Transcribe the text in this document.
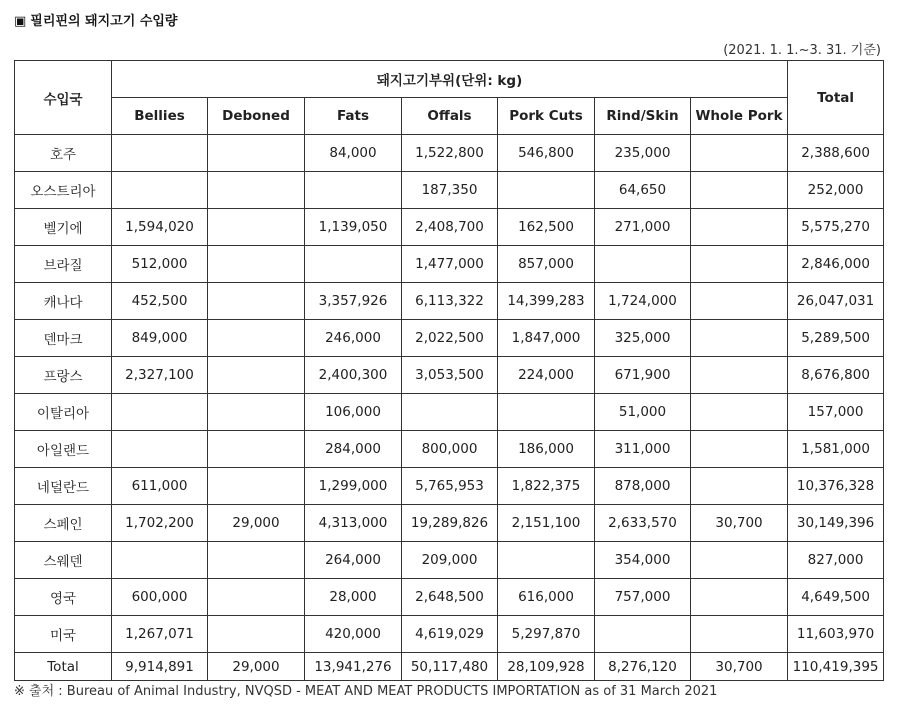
▣ 필리핀의 돼지고기 수입량
(2021. 1. 1.~3. 31. 기준)
수입국	돼지고기부위(단위: kg)							Total
	Bellies	Deboned	Fats	Offals	Pork Cuts	Rind/Skin	Whole Pork	
호주			84,000	1,522,800	546,800	235,000		2,388,600
오스트리아				187,350		64,650		252,000
벨기에	1,594,020		1,139,050	2,408,700	162,500	271,000		5,575,270
브라질	512,000			1,477,000	857,000			2,846,000
캐나다	452,500		3,357,926	6,113,322	14,399,283	1,724,000		26,047,031
덴마크	849,000		246,000	2,022,500	1,847,000	325,000		5,289,500
프랑스	2,327,100		2,400,300	3,053,500	224,000	671,900		8,676,800
이탈리아			106,000			51,000		157,000
아일랜드			284,000	800,000	186,000	311,000		1,581,000
네덜란드	611,000		1,299,000	5,765,953	1,822,375	878,000		10,376,328
스페인	1,702,200	29,000	4,313,000	19,289,826	2,151,100	2,633,570	30,700	30,149,396
스웨덴			264,000	209,000		354,000		827,000
영국	600,000		28,000	2,648,500	616,000	757,000		4,649,500
미국	1,267,071		420,000	4,619,029	5,297,870			11,603,970
Total	9,914,891	29,000	13,941,276	50,117,480	28,109,928	8,276,120	30,700	110,419,395
※ 출처 : Bureau of Animal Industry, NVQSD - MEAT AND MEAT PRODUCTS IMPORTATION as of 31 March 2021
